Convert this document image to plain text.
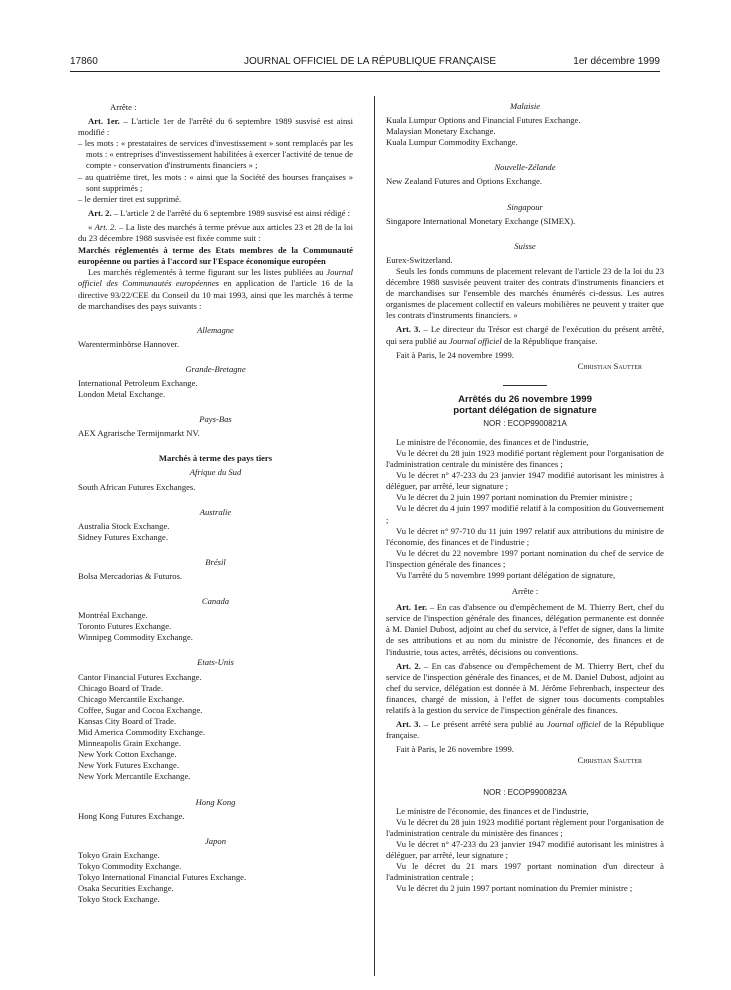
17860	JOURNAL OFFICIEL DE LA RÉPUBLIQUE FRANÇAISE	1er décembre 1999

Arrête :

Art. 1er. – L'article 1er de l'arrêté du 6 septembre 1989 susvisé est ainsi modifié :

– les mots : « prestataires de services d'investissement » sont remplacés par les mots : « entreprises d'investissement habilitées à exercer l'activité de tenue de compte - conservation d'instruments financiers » ;

– au quatrième tiret, les mots : « ainsi que la Société des bourses françaises » sont supprimés ;

– le dernier tiret est supprimé.

Art. 2. – L'article 2 de l'arrêté du 6 septembre 1989 susvisé est ainsi rédigé :

« Art. 2. – La liste des marchés à terme prévue aux articles 23 et 28 de la loi du 23 décembre 1988 susvisée est fixée comme suit :

Marchés réglementés à terme des Etats membres de la Communauté européenne ou parties à l'accord sur l'Espace économique européen

Les marchés réglementés à terme figurant sur les listes publiées au Journal officiel des Communautés européennes en application de l'article 16 de la directive 93/22/CEE du Conseil du 10 mai 1993, ainsi que les marchés à terme de marchandises des pays suivants :

Allemagne

Warenterminbörse Hannover.

Grande-Bretagne

International Petroleum Exchange.

London Metal Exchange.

Pays-Bas

AEX Agrarische Termijnmarkt NV.

Marchés à terme des pays tiers

Afrique du Sud

South African Futures Exchanges.

Australie

Australia Stock Exchange.

Sidney Futures Exchange.

Brésil

Bolsa Mercadorias & Futuros.

Canada

Montréal Exchange.

Toronto Futures Exchange.

Winnipeg Commodity Exchange.

Etats-Unis

Cantor Financial Futures Exchange.

Chicago Board of Trade.

Chicago Mercantile Exchange.

Coffee, Sugar and Cocoa Exchange.

Kansas City Board of Trade.

Mid America Commodity Exchange.

Minneapolis Grain Exchange.

New York Cotton Exchange.

New York Futures Exchange.

New York Mercantile Exchange.

Hong Kong

Hong Kong Futures Exchange.

Japon

Tokyo Grain Exchange.

Tokyo Commodity Exchange.

Tokyo International Financial Futures Exchange.

Osaka Securities Exchange.

Tokyo Stock Exchange.

Malaisie

Kuala Lumpur Options and Financial Futures Exchange.

Malaysian Monetary Exchange.

Kuala Lumpur Commodity Exchange.

Nouvelle-Zélande

New Zealand Futures and Options Exchange.

Singapour

Singapore International Monetary Exchange (SIMEX).

Suisse

Eurex-Switzerland.

Seuls les fonds communs de placement relevant de l'article 23 de la loi du 23 décembre 1988 susvisée peuvent traiter des contrats d'instruments financiers et de marchandises sur l'ensemble des marchés énumérés ci-dessus. Les autres organismes de placement collectif en valeurs mobilières ne peuvent y traiter que les contrats d'instruments financiers. »

Art. 3. – Le directeur du Trésor est chargé de l'exécution du présent arrêté, qui sera publié au Journal officiel de la République française.

Fait à Paris, le 24 novembre 1999.

Christian Sautter

Arrêtés du 26 novembre 1999

portant délégation de signature

NOR : ECOP9900821A

Le ministre de l'économie, des finances et de l'industrie,

Vu le décret du 28 juin 1923 modifié portant règlement pour l'organisation de l'administration centrale du ministère des finances ;

Vu le décret n° 47-233 du 23 janvier 1947 modifié autorisant les ministres à déléguer, par arrêté, leur signature ;

Vu le décret du 2 juin 1997 portant nomination du Premier ministre ;

Vu le décret du 4 juin 1997 modifié relatif à la composition du Gouvernement ;

Vu le décret n° 97-710 du 11 juin 1997 relatif aux attributions du ministre de l'économie, des finances et de l'industrie ;

Vu le décret du 22 novembre 1997 portant nomination du chef de service de l'inspection générale des finances ;

Vu l'arrêté du 5 novembre 1999 portant délégation de signature,

Arrête :

Art. 1er. – En cas d'absence ou d'empêchement de M. Thierry Bert, chef du service de l'inspection générale des finances, délégation permanente est donnée à M. Daniel Dubost, adjoint au chef du service, à l'effet de signer, dans la limite de ses attributions et au nom du ministre de l'économie, des finances et de l'industrie, tous actes, arrêtés, décisions ou conventions.

Art. 2. – En cas d'absence ou d'empêchement de M. Thierry Bert, chef du service de l'inspection générale des finances, et de M. Daniel Dubost, adjoint au chef du service, délégation est donnée à M. Jérôme Fehrenbach, inspecteur des finances, chargé de mission, à l'effet de signer tous documents comptables relatifs à la gestion du service de l'inspection générale des finances.

Art. 3. – Le présent arrêté sera publié au Journal officiel de la République française.

Fait à Paris, le 26 novembre 1999.

Christian Sautter

NOR : ECOP9900823A

Le ministre de l'économie, des finances et de l'industrie,

Vu le décret du 28 juin 1923 modifié portant règlement pour l'organisation de l'administration centrale du ministère des finances ;

Vu le décret n° 47-233 du 23 janvier 1947 modifié autorisant les ministres à déléguer, par arrêté, leur signature ;

Vu le décret du 21 mars 1997 portant nomination d'un directeur à l'administration centrale ;

Vu le décret du 2 juin 1997 portant nomination du Premier ministre ;
